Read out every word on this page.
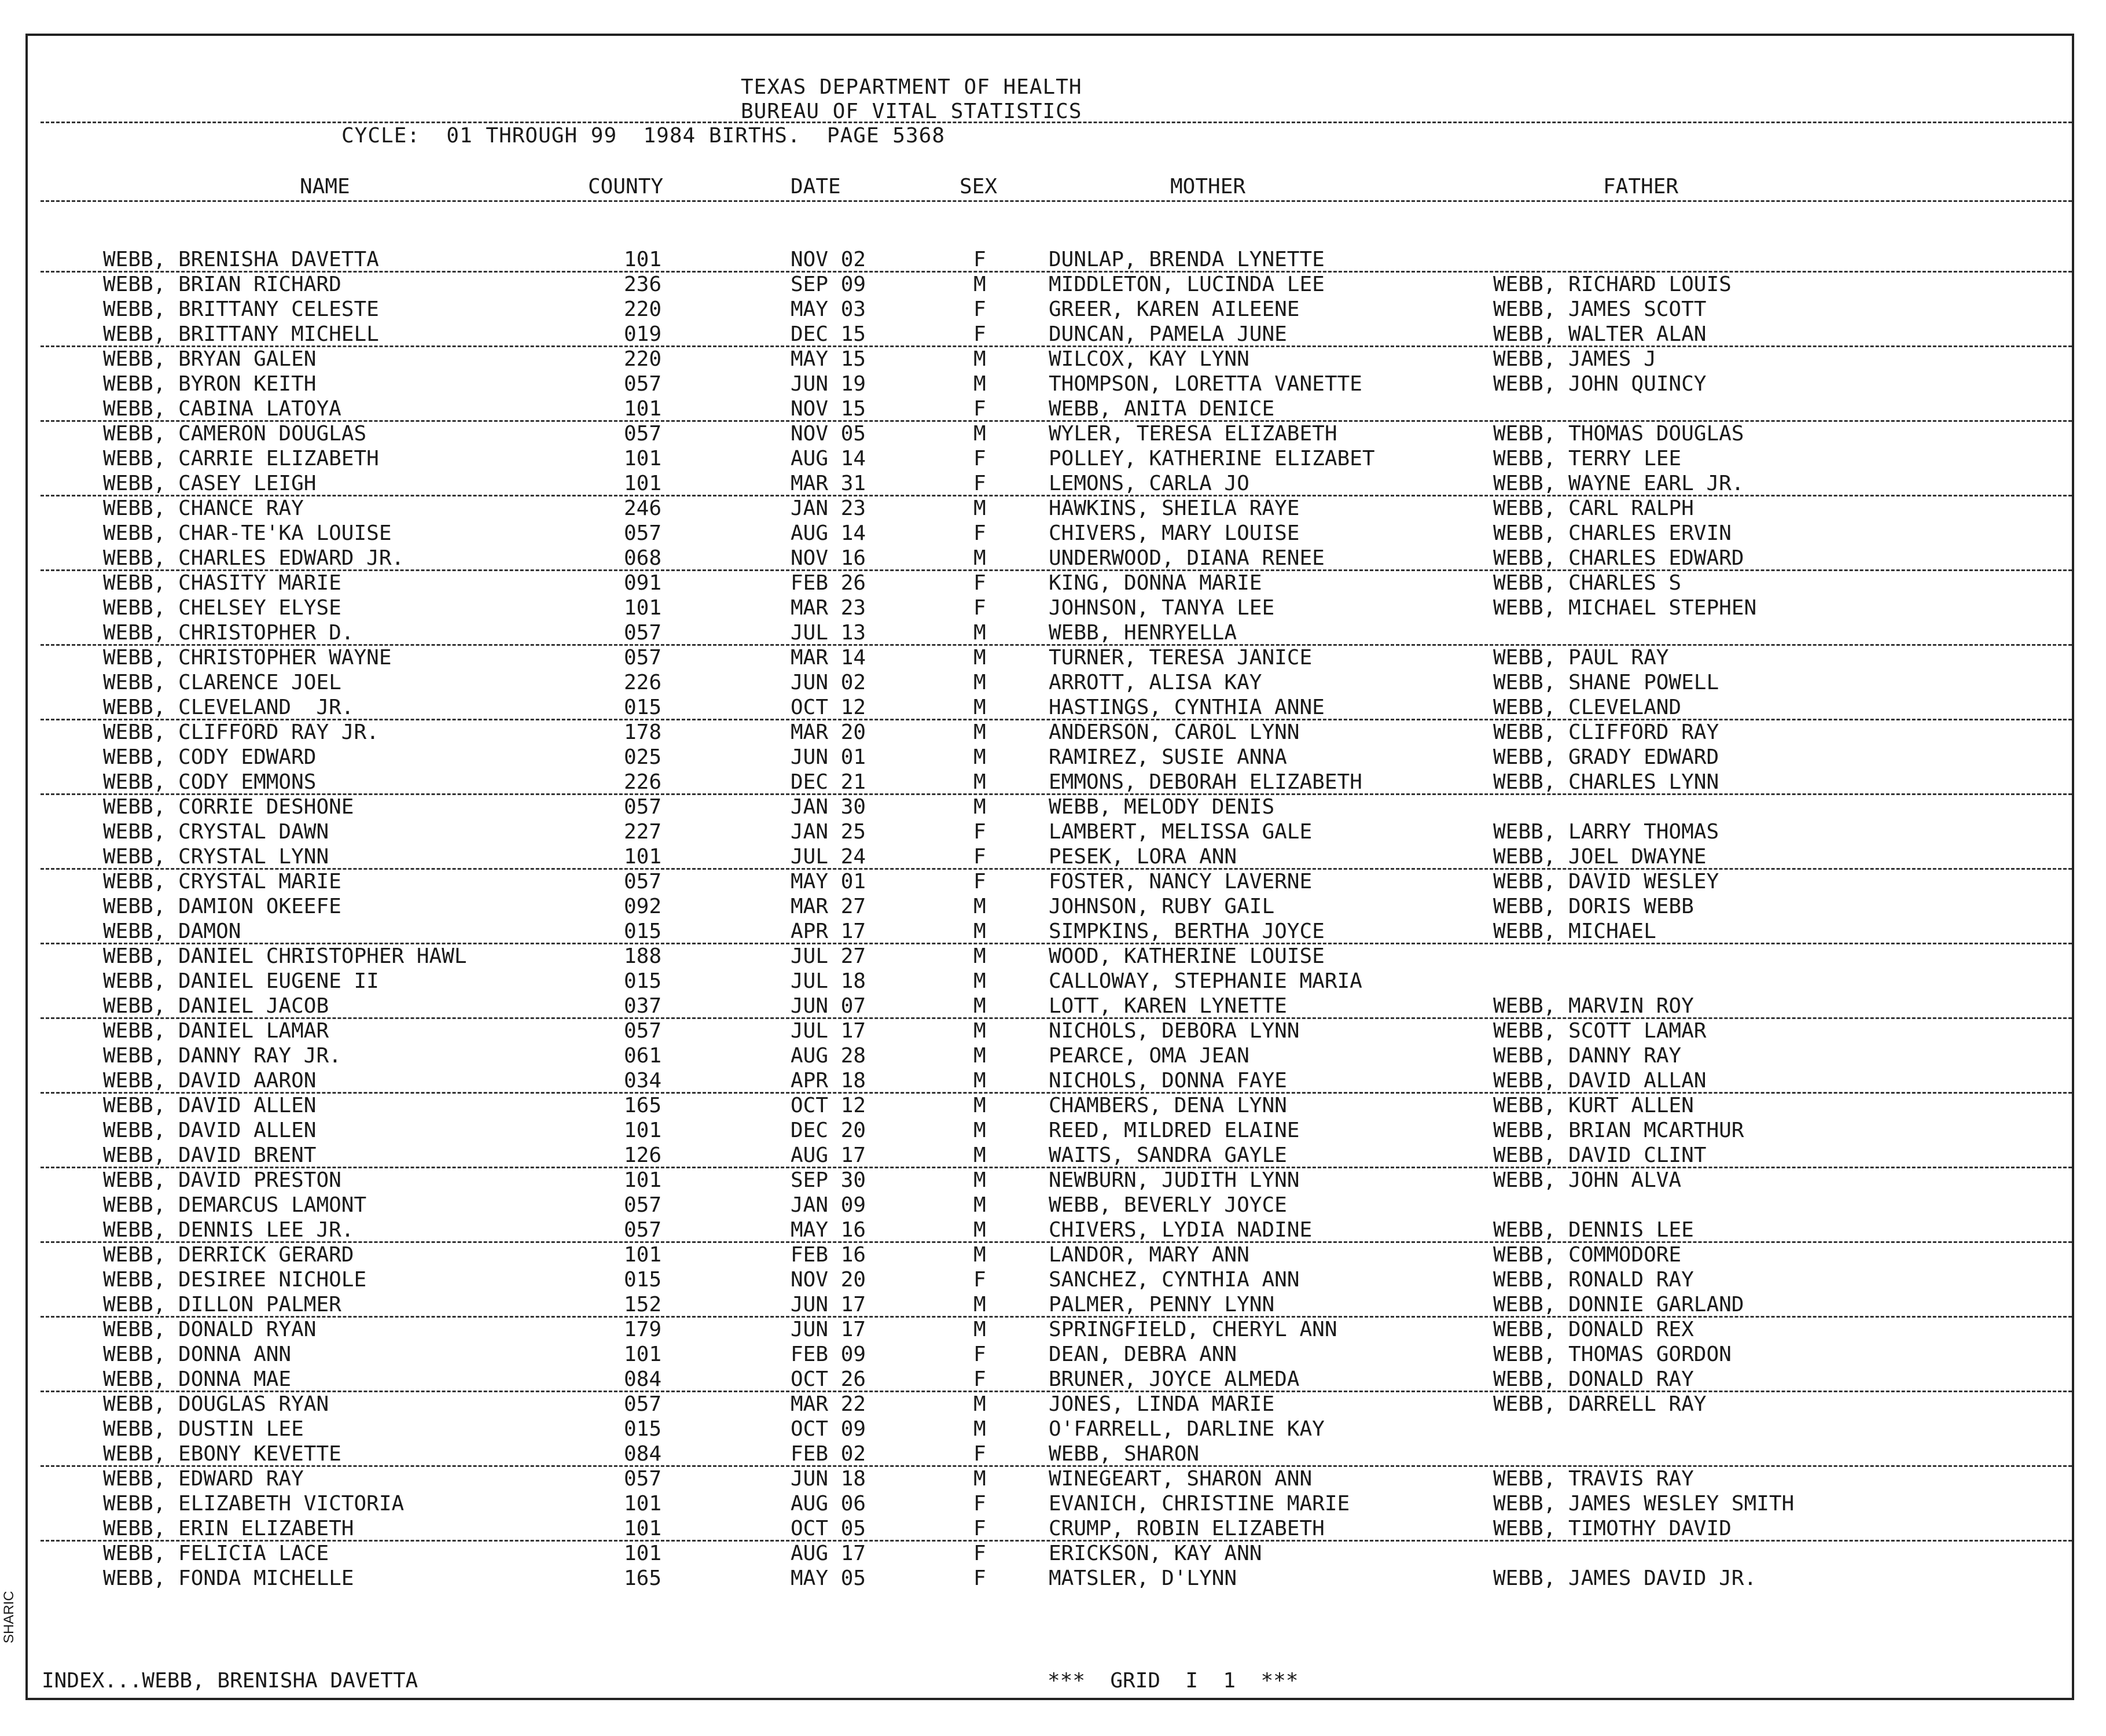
TEXAS DEPARTMENT OF HEALTH
BUREAU OF VITAL STATISTICS
CYCLE:  01 THROUGH 99  1984 BIRTHS.  PAGE 5368
NAME	COUNTY	DATE	SEX	MOTHER	FATHER
WEBB, BRENISHA DAVETTA	101	NOV 02	F	DUNLAP, BRENDA LYNETTE
WEBB, BRIAN RICHARD	236	SEP 09	M	MIDDLETON, LUCINDA LEE	WEBB, RICHARD LOUIS
WEBB, BRITTANY CELESTE	220	MAY 03	F	GREER, KAREN AILEENE	WEBB, JAMES SCOTT
WEBB, BRITTANY MICHELL	019	DEC 15	F	DUNCAN, PAMELA JUNE	WEBB, WALTER ALAN
WEBB, BRYAN GALEN	220	MAY 15	M	WILCOX, KAY LYNN	WEBB, JAMES J
WEBB, BYRON KEITH	057	JUN 19	M	THOMPSON, LORETTA VANETTE	WEBB, JOHN QUINCY
WEBB, CABINA LATOYA	101	NOV 15	F	WEBB, ANITA DENICE
WEBB, CAMERON DOUGLAS	057	NOV 05	M	WYLER, TERESA ELIZABETH	WEBB, THOMAS DOUGLAS
WEBB, CARRIE ELIZABETH	101	AUG 14	F	POLLEY, KATHERINE ELIZABET	WEBB, TERRY LEE
WEBB, CASEY LEIGH	101	MAR 31	F	LEMONS, CARLA JO	WEBB, WAYNE EARL JR.
WEBB, CHANCE RAY	246	JAN 23	M	HAWKINS, SHEILA RAYE	WEBB, CARL RALPH
WEBB, CHAR-TE'KA LOUISE	057	AUG 14	F	CHIVERS, MARY LOUISE	WEBB, CHARLES ERVIN
WEBB, CHARLES EDWARD JR.	068	NOV 16	M	UNDERWOOD, DIANA RENEE	WEBB, CHARLES EDWARD
WEBB, CHASITY MARIE	091	FEB 26	F	KING, DONNA MARIE	WEBB, CHARLES S
WEBB, CHELSEY ELYSE	101	MAR 23	F	JOHNSON, TANYA LEE	WEBB, MICHAEL STEPHEN
WEBB, CHRISTOPHER D.	057	JUL 13	M	WEBB, HENRYELLA
WEBB, CHRISTOPHER WAYNE	057	MAR 14	M	TURNER, TERESA JANICE	WEBB, PAUL RAY
WEBB, CLARENCE JOEL	226	JUN 02	M	ARROTT, ALISA KAY	WEBB, SHANE POWELL
WEBB, CLEVELAND  JR.	015	OCT 12	M	HASTINGS, CYNTHIA ANNE	WEBB, CLEVELAND
WEBB, CLIFFORD RAY JR.	178	MAR 20	M	ANDERSON, CAROL LYNN	WEBB, CLIFFORD RAY
WEBB, CODY EDWARD	025	JUN 01	M	RAMIREZ, SUSIE ANNA	WEBB, GRADY EDWARD
WEBB, CODY EMMONS	226	DEC 21	M	EMMONS, DEBORAH ELIZABETH	WEBB, CHARLES LYNN
WEBB, CORRIE DESHONE	057	JAN 30	M	WEBB, MELODY DENIS
WEBB, CRYSTAL DAWN	227	JAN 25	F	LAMBERT, MELISSA GALE	WEBB, LARRY THOMAS
WEBB, CRYSTAL LYNN	101	JUL 24	F	PESEK, LORA ANN	WEBB, JOEL DWAYNE
WEBB, CRYSTAL MARIE	057	MAY 01	F	FOSTER, NANCY LAVERNE	WEBB, DAVID WESLEY
WEBB, DAMION OKEEFE	092	MAR 27	M	JOHNSON, RUBY GAIL	WEBB, DORIS WEBB
WEBB, DAMON	015	APR 17	M	SIMPKINS, BERTHA JOYCE	WEBB, MICHAEL
WEBB, DANIEL CHRISTOPHER HAWL	188	JUL 27	M	WOOD, KATHERINE LOUISE
WEBB, DANIEL EUGENE II	015	JUL 18	M	CALLOWAY, STEPHANIE MARIA
WEBB, DANIEL JACOB	037	JUN 07	M	LOTT, KAREN LYNETTE	WEBB, MARVIN ROY
WEBB, DANIEL LAMAR	057	JUL 17	M	NICHOLS, DEBORA LYNN	WEBB, SCOTT LAMAR
WEBB, DANNY RAY JR.	061	AUG 28	M	PEARCE, OMA JEAN	WEBB, DANNY RAY
WEBB, DAVID AARON	034	APR 18	M	NICHOLS, DONNA FAYE	WEBB, DAVID ALLAN
WEBB, DAVID ALLEN	165	OCT 12	M	CHAMBERS, DENA LYNN	WEBB, KURT ALLEN
WEBB, DAVID ALLEN	101	DEC 20	M	REED, MILDRED ELAINE	WEBB, BRIAN MCARTHUR
WEBB, DAVID BRENT	126	AUG 17	M	WAITS, SANDRA GAYLE	WEBB, DAVID CLINT
WEBB, DAVID PRESTON	101	SEP 30	M	NEWBURN, JUDITH LYNN	WEBB, JOHN ALVA
WEBB, DEMARCUS LAMONT	057	JAN 09	M	WEBB, BEVERLY JOYCE
WEBB, DENNIS LEE JR.	057	MAY 16	M	CHIVERS, LYDIA NADINE	WEBB, DENNIS LEE
WEBB, DERRICK GERARD	101	FEB 16	M	LANDOR, MARY ANN	WEBB, COMMODORE
WEBB, DESIREE NICHOLE	015	NOV 20	F	SANCHEZ, CYNTHIA ANN	WEBB, RONALD RAY
WEBB, DILLON PALMER	152	JUN 17	M	PALMER, PENNY LYNN	WEBB, DONNIE GARLAND
WEBB, DONALD RYAN	179	JUN 17	M	SPRINGFIELD, CHERYL ANN	WEBB, DONALD REX
WEBB, DONNA ANN	101	FEB 09	F	DEAN, DEBRA ANN	WEBB, THOMAS GORDON
WEBB, DONNA MAE	084	OCT 26	F	BRUNER, JOYCE ALMEDA	WEBB, DONALD RAY
WEBB, DOUGLAS RYAN	057	MAR 22	M	JONES, LINDA MARIE	WEBB, DARRELL RAY
WEBB, DUSTIN LEE	015	OCT 09	M	O'FARRELL, DARLINE KAY
WEBB, EBONY KEVETTE	084	FEB 02	F	WEBB, SHARON
WEBB, EDWARD RAY	057	JUN 18	M	WINEGEART, SHARON ANN	WEBB, TRAVIS RAY
WEBB, ELIZABETH VICTORIA	101	AUG 06	F	EVANICH, CHRISTINE MARIE	WEBB, JAMES WESLEY SMITH
WEBB, ERIN ELIZABETH	101	OCT 05	F	CRUMP, ROBIN ELIZABETH	WEBB, TIMOTHY DAVID
WEBB, FELICIA LACE	101	AUG 17	F	ERICKSON, KAY ANN
WEBB, FONDA MICHELLE	165	MAY 05	F	MATSLER, D'LYNN	WEBB, JAMES DAVID JR.
INDEX...WEBB, BRENISHA DAVETTA	***  GRID  I  1  ***
SHARIC
